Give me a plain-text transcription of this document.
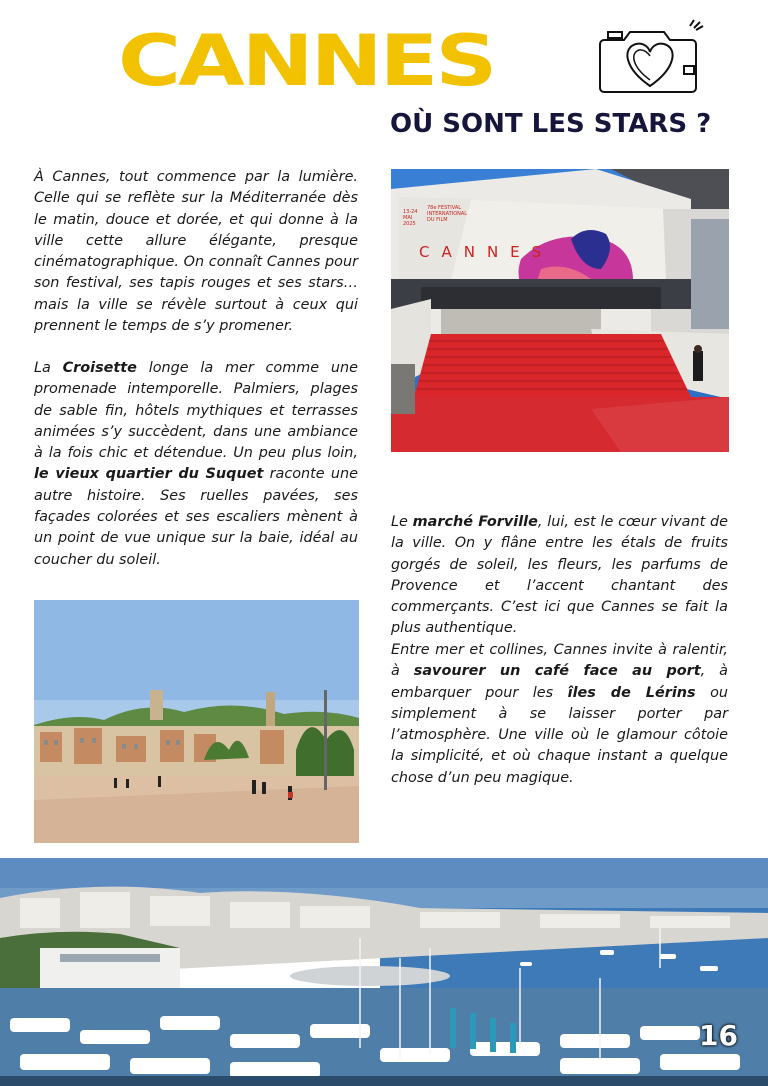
CANNES
OÙ SONT LES STARS ?

À Cannes, tout commence par la lumière. Celle qui se reflète sur la Méditerranée dès le matin, douce et dorée, et qui donne à la ville cette allure élégante, presque cinématographique. On connaît Cannes pour son festival, ses tapis rouges et ses stars… mais la ville se révèle surtout à ceux qui prennent le temps de s’y promener.

La Croisette longe la mer comme une promenade intemporelle. Palmiers, plages de sable fin, hôtels mythiques et terrasses animées s’y succèdent, dans une ambiance à la fois chic et détendue. Un peu plus loin, le vieux quartier du Suquet raconte une autre histoire. Ses ruelles pavées, ses façades colorées et ses escaliers mènent à un point de vue unique sur la baie, idéal au coucher du soleil.

Le marché Forville, lui, est le cœur vivant de la ville. On y flâne entre les étals de fruits gorgés de soleil, les fleurs, les parfums de Provence et l’accent chantant des commerçants. C’est ici que Cannes se fait la plus authentique.

Entre mer et collines, Cannes invite à ralentir, à savourer un café face au port, à embarquer pour les îles de Lérins ou simplement à se laisser porter par l’atmosphère. Une ville où le glamour côtoie la simplicité, et où chaque instant a quelque chose d’un peu magique.

78e FESTIVAL
INTERNATIONAL
DU FILM
13-24
MAI
2025
CANNES

16
